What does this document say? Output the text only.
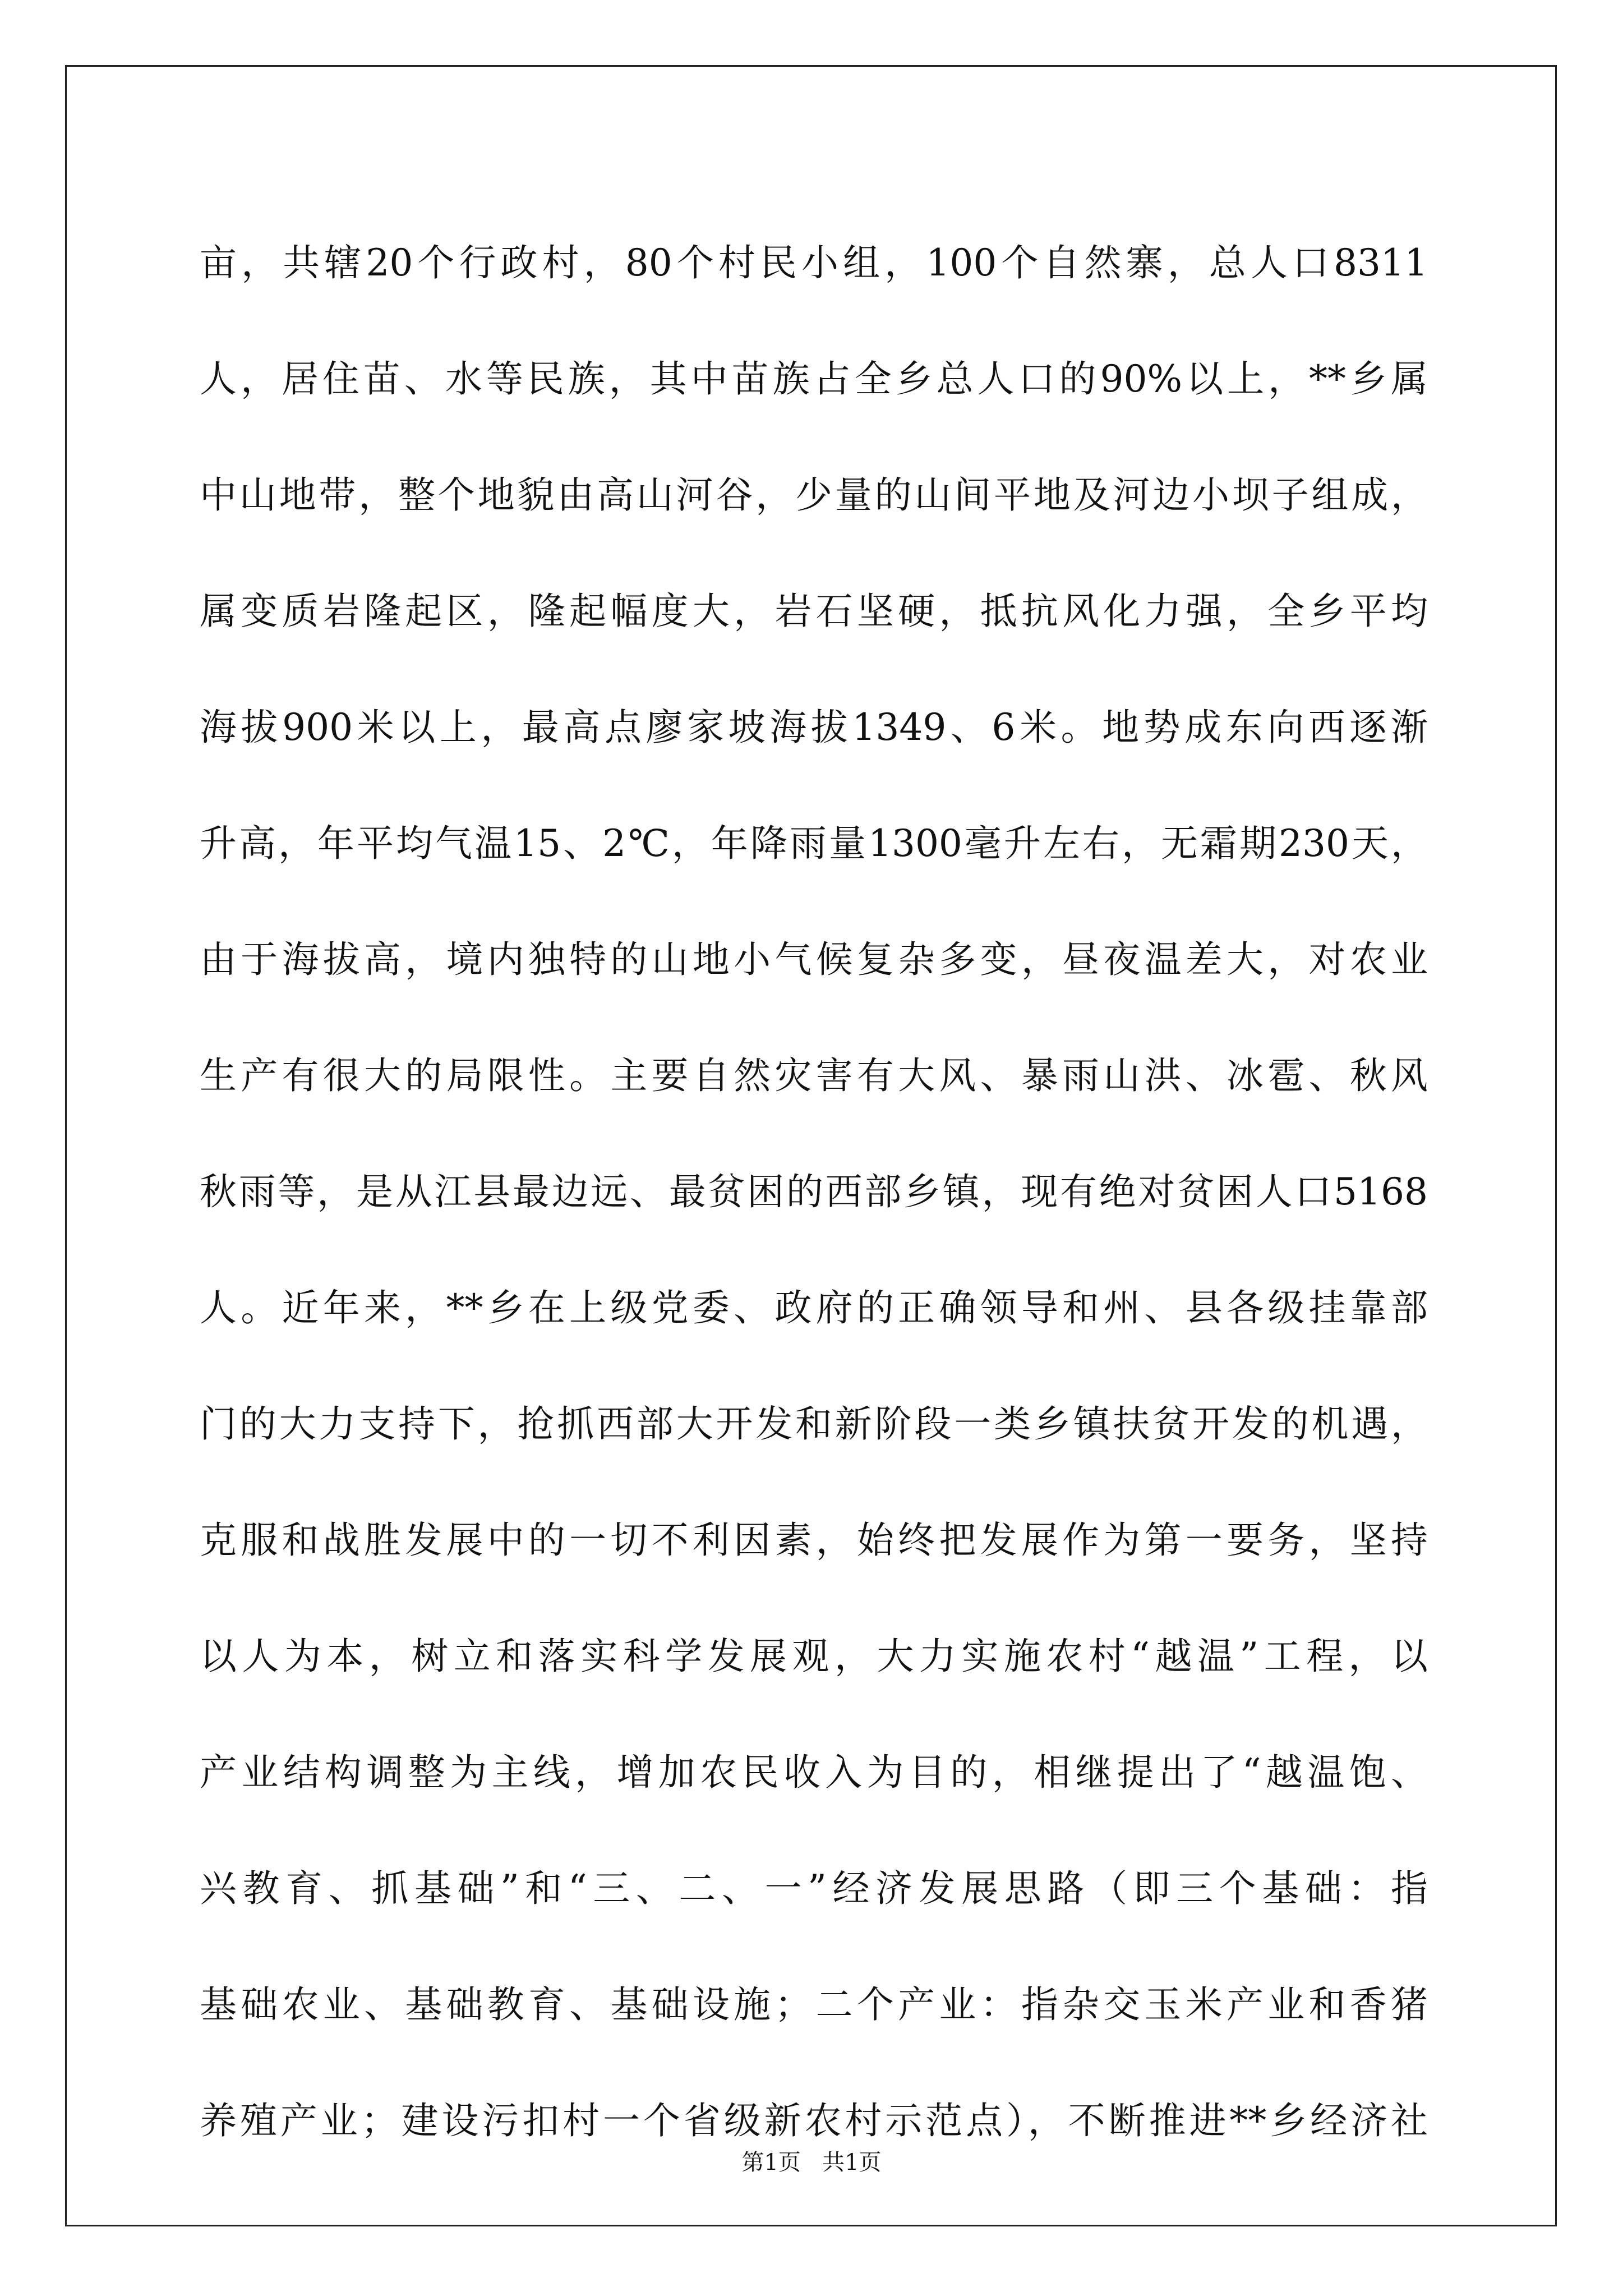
亩，共辖20个行政村，80个村民小组，100个自然寨，总人口8311
人，居住苗、水等民族，其中苗族占全乡总人口的90%以上，**乡属
中山地带，整个地貌由高山河谷，少量的山间平地及河边小坝子组成，
属变质岩隆起区，隆起幅度大，岩石坚硬，抵抗风化力强，全乡平均
海拔900米以上，最高点廖家坡海拔1349、6米。地势成东向西逐渐
升高，年平均气温15、2℃，年降雨量1300毫升左右，无霜期230天，
由于海拔高，境内独特的山地小气候复杂多变，昼夜温差大，对农业
生产有很大的局限性。主要自然灾害有大风、暴雨山洪、冰雹、秋风
秋雨等，是从江县最边远、最贫困的西部乡镇，现有绝对贫困人口5168
人。近年来，**乡在上级党委、政府的正确领导和州、县各级挂靠部
门的大力支持下，抢抓西部大开发和新阶段一类乡镇扶贫开发的机遇，
克服和战胜发展中的一切不利因素，始终把发展作为第一要务，坚持
以人为本，树立和落实科学发展观，大力实施农村“越温”工程，以
产业结构调整为主线，增加农民收入为目的，相继提出了“越温饱、
兴教育、抓基础”和“三、二、一”经济发展思路（即三个基础：指
基础农业、基础教育、基础设施；二个产业：指杂交玉米产业和香猪
养殖产业；建设污扣村一个省级新农村示范点），不断推进**乡经济社
第1页 共1页
